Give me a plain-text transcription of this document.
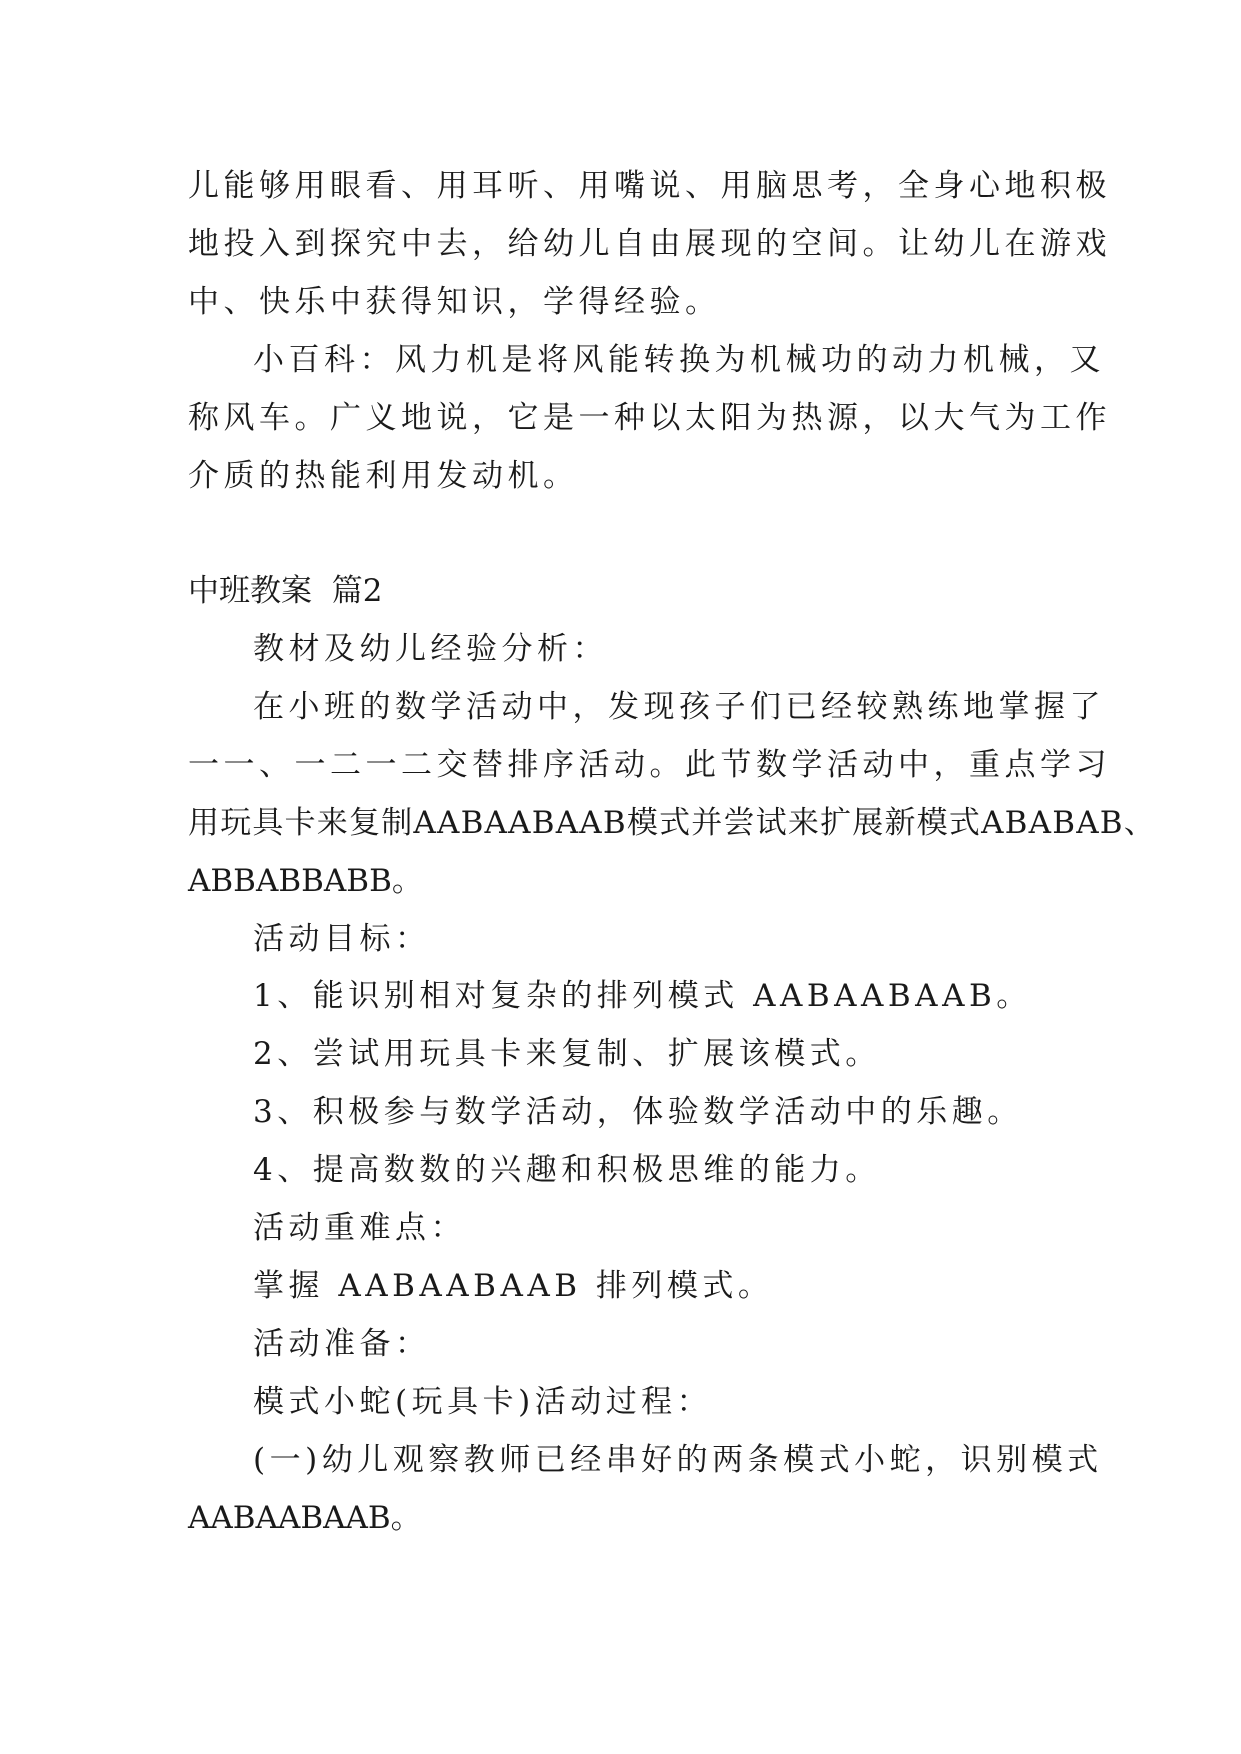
儿能够用眼看、用耳听、用嘴说、用脑思考，全身心地积极
地投入到探究中去，给幼儿自由展现的空间。让幼儿在游戏
中、快乐中获得知识，学得经验。
小百科：风力机是将风能转换为机械功的动力机械，又
称风车。广义地说，它是一种以太阳为热源，以大气为工作
介质的热能利用发动机。
中班教案  篇2
教材及幼儿经验分析：
在小班的数学活动中，发现孩子们已经较熟练地掌握了
一一、一二一二交替排序活动。此节数学活动中，重点学习
用玩具卡来复制AABAABAAB模式并尝试来扩展新模式ABABAB、
ABBABBABB。
活动目标：
1、能识别相对复杂的排列模式 AABAABAAB。
2、尝试用玩具卡来复制、扩展该模式。
3、积极参与数学活动，体验数学活动中的乐趣。
4、提高数数的兴趣和积极思维的能力。
活动重难点：
掌握 AABAABAAB 排列模式。
活动准备：
模式小蛇(玩具卡)活动过程：
(一)幼儿观察教师已经串好的两条模式小蛇，识别模式
AABAABAAB。
